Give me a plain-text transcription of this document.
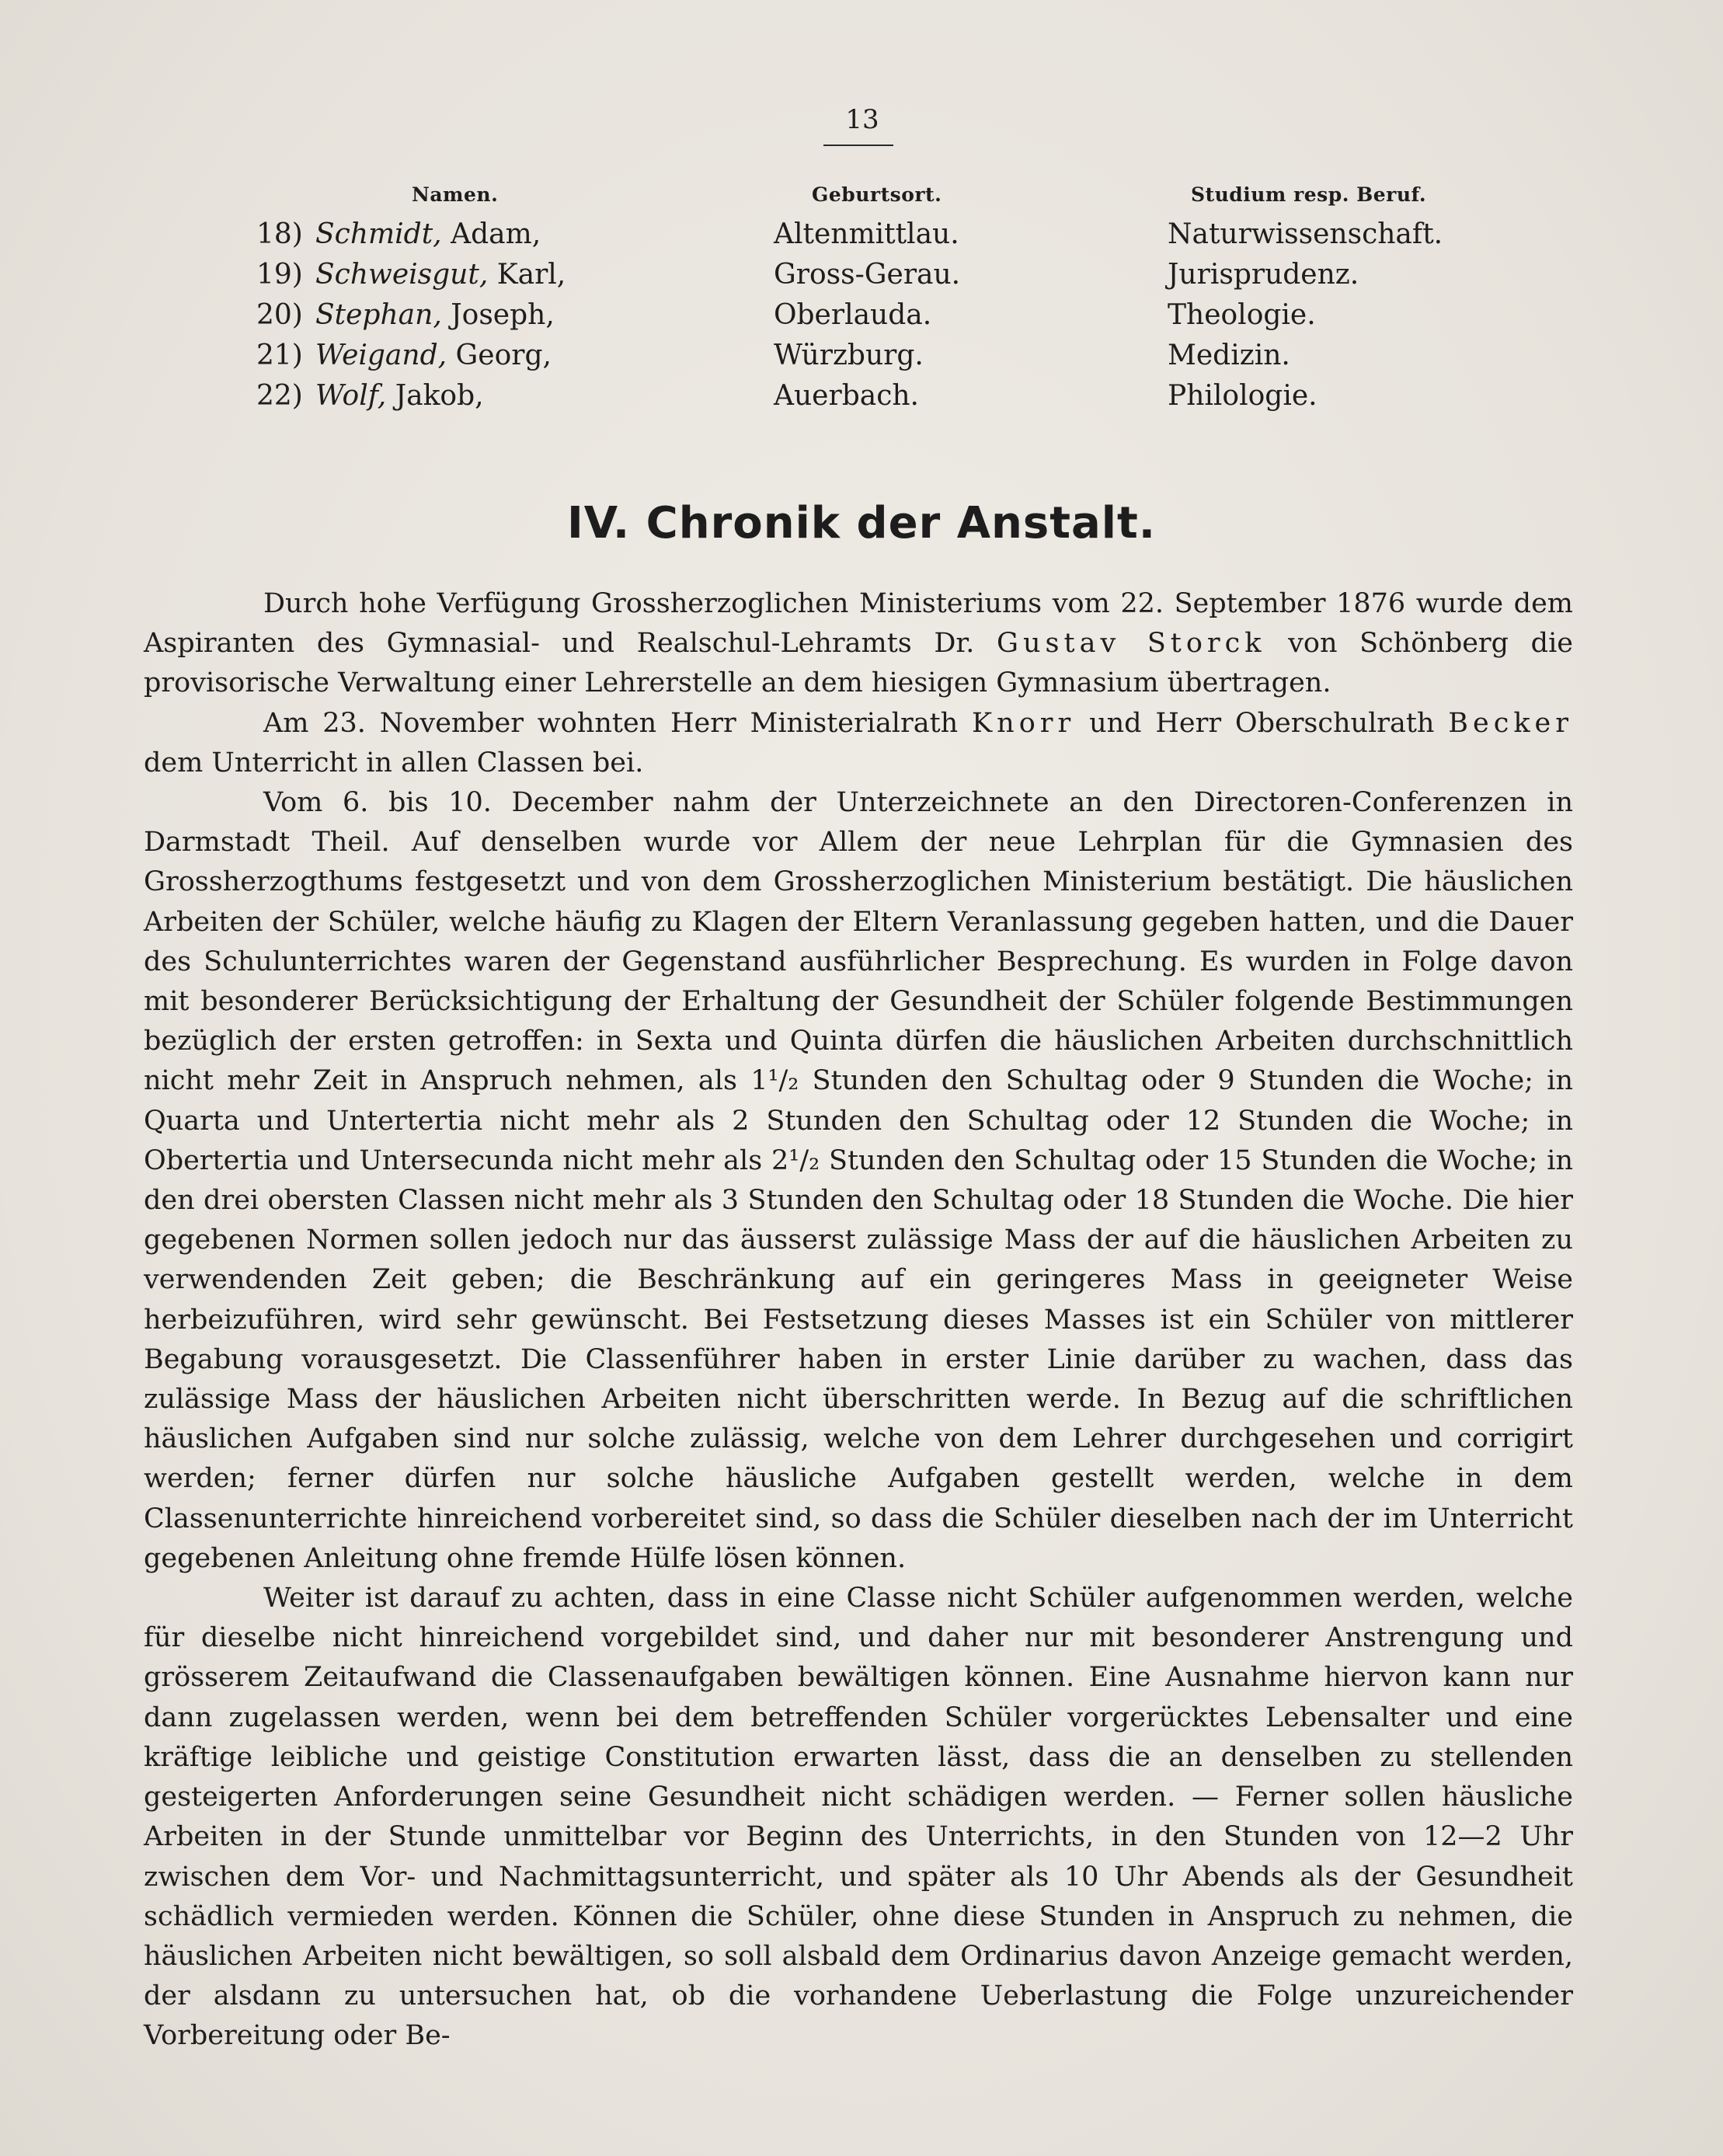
13
Namen.	Geburtsort.	Studium resp. Beruf.
18) Schmidt, Adam,	Altenmittlau.	Naturwissenschaft.
19) Schweisgut, Karl,	Gross-Gerau.	Jurisprudenz.
20) Stephan, Joseph,	Oberlauda.	Theologie.
21) Weigand, Georg,	Würzburg.	Medizin.
22) Wolf, Jakob,	Auerbach.	Philologie.
IV. Chronik der Anstalt.

Durch hohe Verfügung Grossherzoglichen Ministeriums vom 22. September 1876 wurde dem Aspiranten des Gymnasial- und Realschul-Lehramts Dr. Gustav Storck von Schönberg die provisorische Verwaltung einer Lehrerstelle an dem hiesigen Gymnasium übertragen.

Am 23. November wohnten Herr Ministerialrath Knorr und Herr Oberschulrath Becker dem Unterricht in allen Classen bei.

Vom 6. bis 10. December nahm der Unterzeichnete an den Directoren-Conferenzen in Darmstadt Theil. Auf denselben wurde vor Allem der neue Lehrplan für die Gymnasien des Grossherzogthums festgesetzt und von dem Grossherzoglichen Ministerium bestätigt. Die häuslichen Arbeiten der Schüler, welche häufig zu Klagen der Eltern Veranlassung gegeben hatten, und die Dauer des Schulunterrichtes waren der Gegenstand ausführlicher Besprechung. Es wurden in Folge davon mit besonderer Berücksichtigung der Erhaltung der Gesundheit der Schüler folgende Bestimmungen bezüglich der ersten getroffen: in Sexta und Quinta dürfen die häuslichen Arbeiten durchschnittlich nicht mehr Zeit in Anspruch nehmen, als 1¹/₂ Stunden den Schultag oder 9 Stunden die Woche; in Quarta und Untertertia nicht mehr als 2 Stunden den Schultag oder 12 Stunden die Woche; in Obertertia und Untersecunda nicht mehr als 2¹/₂ Stunden den Schultag oder 15 Stunden die Woche; in den drei obersten Classen nicht mehr als 3 Stunden den Schultag oder 18 Stunden die Woche. Die hier gegebenen Normen sollen jedoch nur das äusserst zulässige Mass der auf die häuslichen Arbeiten zu verwendenden Zeit geben; die Beschränkung auf ein geringeres Mass in geeigneter Weise herbeizuführen, wird sehr gewünscht. Bei Festsetzung dieses Masses ist ein Schüler von mittlerer Begabung vorausgesetzt. Die Classenführer haben in erster Linie darüber zu wachen, dass das zulässige Mass der häuslichen Arbeiten nicht überschritten werde. In Bezug auf die schriftlichen häuslichen Aufgaben sind nur solche zulässig, welche von dem Lehrer durchgesehen und corrigirt werden; ferner dürfen nur solche häusliche Aufgaben gestellt werden, welche in dem Classenunterrichte hinreichend vorbereitet sind, so dass die Schüler dieselben nach der im Unterricht gegebenen Anleitung ohne fremde Hülfe lösen können.

Weiter ist darauf zu achten, dass in eine Classe nicht Schüler aufgenommen werden, welche für dieselbe nicht hinreichend vorgebildet sind, und daher nur mit besonderer Anstrengung und grösserem Zeitaufwand die Classenaufgaben bewältigen können. Eine Ausnahme hiervon kann nur dann zugelassen werden, wenn bei dem betreffenden Schüler vorgerücktes Lebensalter und eine kräftige leibliche und geistige Constitution erwarten lässt, dass die an denselben zu stellenden gesteigerten Anforderungen seine Gesundheit nicht schädigen werden. — Ferner sollen häusliche Arbeiten in der Stunde unmittelbar vor Beginn des Unterrichts, in den Stunden von 12—2 Uhr zwischen dem Vor- und Nachmittagsunterricht, und später als 10 Uhr Abends als der Gesundheit schädlich vermieden werden. Können die Schüler, ohne diese Stunden in Anspruch zu nehmen, die häuslichen Arbeiten nicht bewältigen, so soll alsbald dem Ordinarius davon Anzeige gemacht werden, der alsdann zu untersuchen hat, ob die vorhandene Ueberlastung die Folge unzureichender Vorbereitung oder Be-
